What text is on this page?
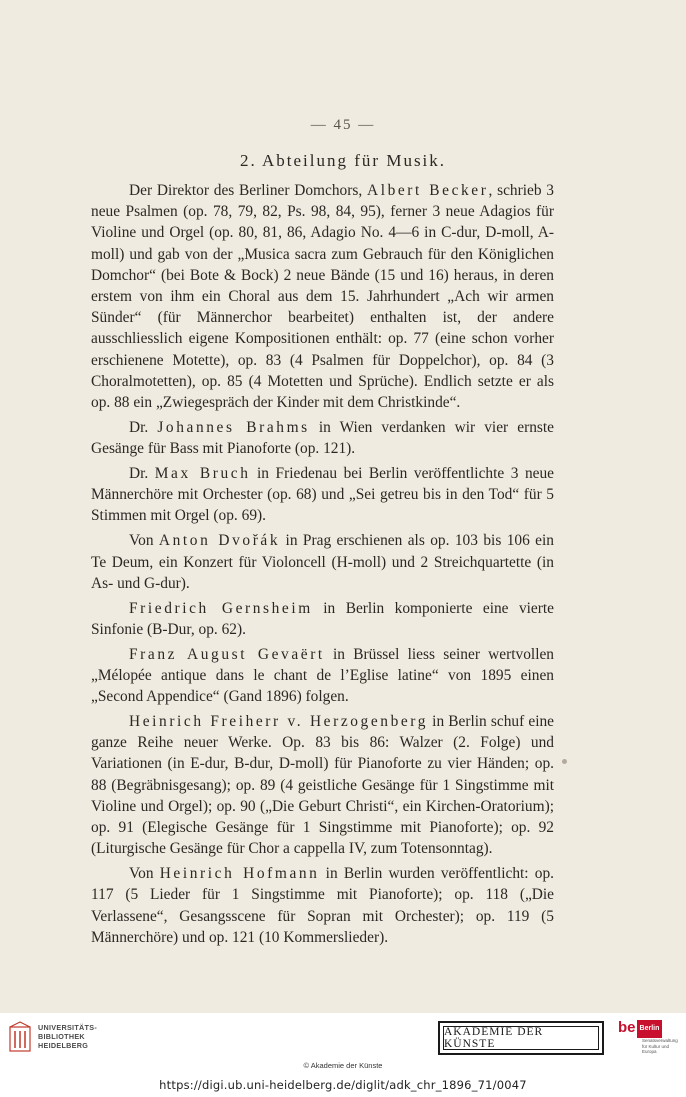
— 45 —
2. Abteilung für Musik.

Der Direktor des Berliner Domchors, Albert Becker, schrieb 3 neue Psalmen (op. 78, 79, 82, Ps. 98, 84, 95), ferner 3 neue Adagios für Violine und Orgel (op. 80, 81, 86, Adagio No. 4—6 in C-dur, D-moll, A-moll) und gab von der „Musica sacra zum Gebrauch für den Königlichen Domchor“ (bei Bote & Bock) 2 neue Bände (15 und 16) heraus, in deren erstem von ihm ein Choral aus dem 15. Jahrhundert „Ach wir armen Sünder“ (für Männerchor bearbeitet) enthalten ist, der andere ausschliesslich eigene Kompositionen enthält: op. 77 (eine schon vorher erschienene Motette), op. 83 (4 Psalmen für Doppelchor), op. 84 (3 Choralmotetten), op. 85 (4 Motetten und Sprüche). Endlich setzte er als op. 88 ein „Zwiegespräch der Kinder mit dem Christkinde“.

Dr. Johannes Brahms in Wien verdanken wir vier ernste Gesänge für Bass mit Pianoforte (op. 121).

Dr. Max Bruch in Friedenau bei Berlin veröffentlichte 3 neue Männerchöre mit Orchester (op. 68) und „Sei getreu bis in den Tod“ für 5 Stimmen mit Orgel (op. 69).

Von Anton Dvořák in Prag erschienen als op. 103 bis 106 ein Te Deum, ein Konzert für Violoncell (H-moll) und 2 Streichquartette (in As- und G-dur).

Friedrich Gernsheim in Berlin komponierte eine vierte Sinfonie (B-Dur, op. 62).

Franz August Gevaërt in Brüssel liess seiner wertvollen „Mélopée antique dans le chant de l’Eglise latine“ von 1895 einen „Second Appendice“ (Gand 1896) folgen.

Heinrich Freiherr v. Herzogenberg in Berlin schuf eine ganze Reihe neuer Werke. Op. 83 bis 86: Walzer (2. Folge) und Variationen (in E-dur, B-dur, D-moll) für Pianoforte zu vier Händen; op. 88 (Begräbnisgesang); op. 89 (4 geistliche Gesänge für 1 Singstimme mit Violine und Orgel); op. 90 („Die Geburt Christi“, ein Kirchen-Oratorium); op. 91 (Elegische Gesänge für 1 Singstimme mit Pianoforte); op. 92 (Liturgische Gesänge für Chor a cappella IV, zum Totensonntag).

Von Heinrich Hofmann in Berlin wurden veröffentlicht: op. 117 (5 Lieder für 1 Singstimme mit Pianoforte); op. 118 („Die Verlassene“, Gesangsscene für Sopran mit Orchester); op. 119 (5 Männerchöre) und op. 121 (10 Kommerslieder).

UNIVERSITÄTS-
BIBLIOTHEK
HEIDELBERG
AKADEMIE DER KÜNSTE
be Berlin
Senatsverwaltung für Kultur und Europa
© Akademie der Künste
https://digi.ub.uni-heidelberg.de/diglit/adk_chr_1896_71/0047
